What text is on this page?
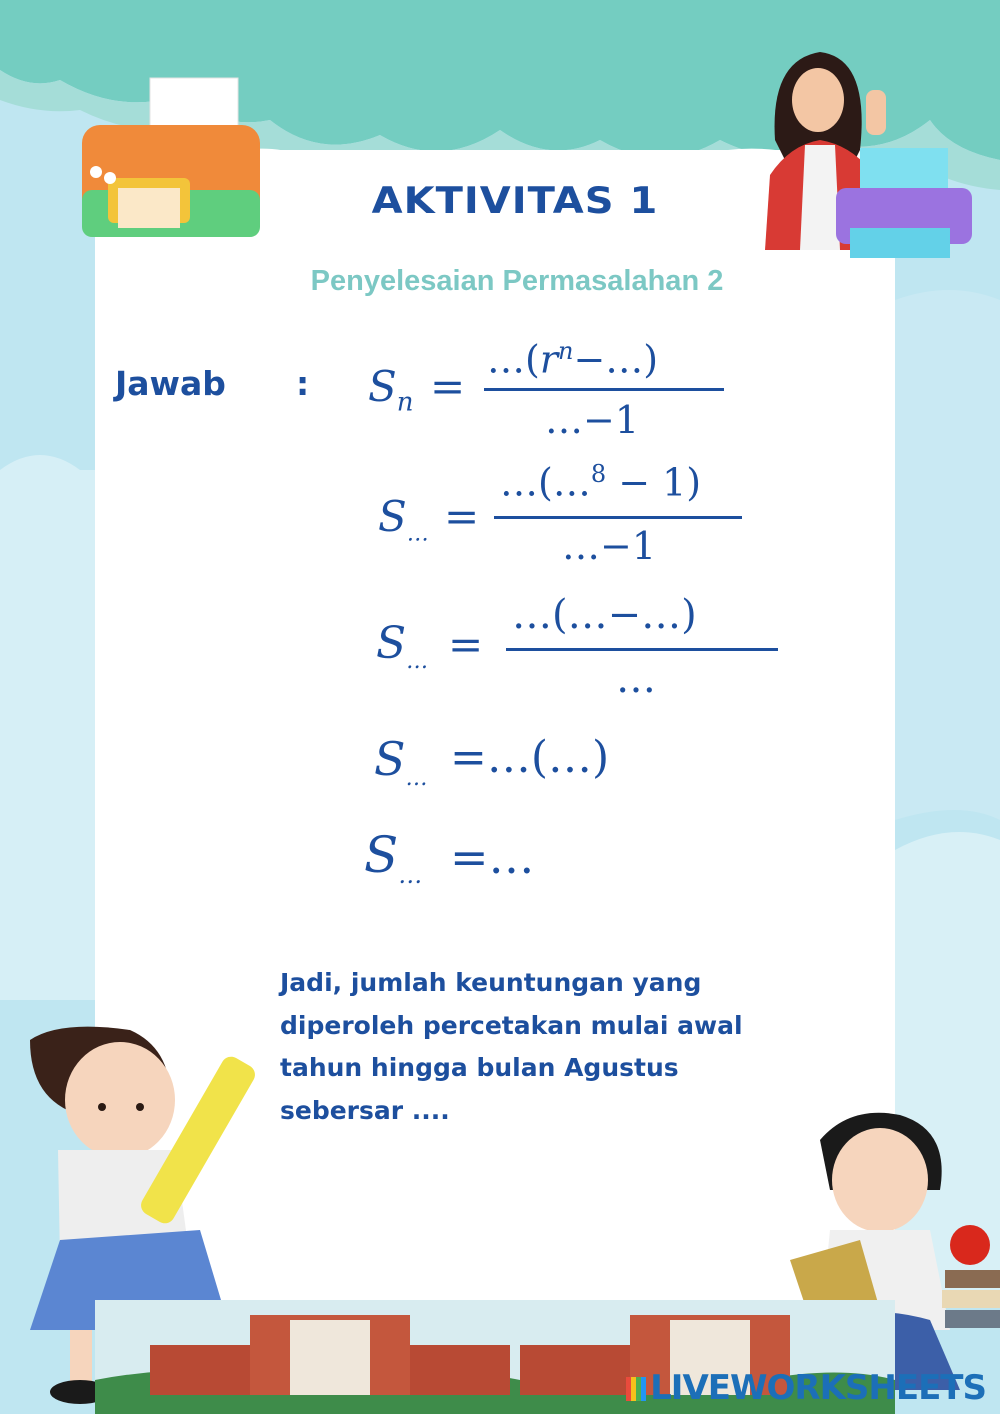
AKTIVITAS 1
Penyelesaian Permasalahan 2
Jawab : $S_n$ =
$\dots(r^n-\dots)$
…−1
$S_\dots$ =
…(…$^8$ − 1)
…−1
$S_\dots$ =
…(…−…)
…
$S_\dots$ =…(…)
$S_\dots$ =…
Jadi, jumlah keuntungan yang
diperoleh percetakan mulai awal
tahun hingga bulan Agustus
sebersar ....
LIVEWORKSHEETS
